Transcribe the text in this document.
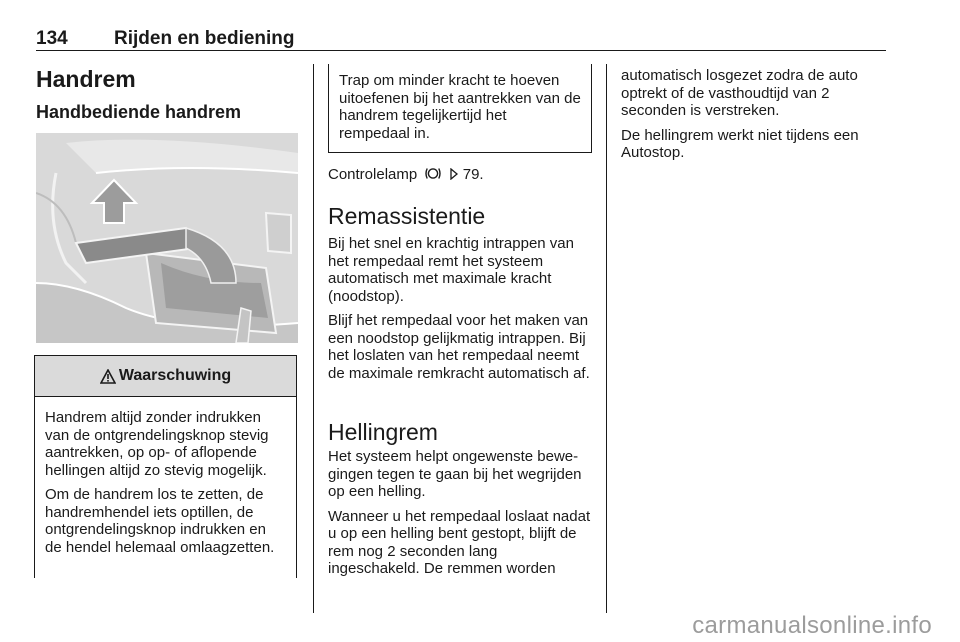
134 Rijden en bediening
Handrem
Handbediende handrem
Waarschuwing

Handrem altijd zonder indrukken van de ontgrendelingsknop stevig aantrekken, op op- of aflopende hellingen altijd zo stevig mogelijk.

Om de handrem los te zetten, de handremhendel iets optillen, de ontgrendelingsknop indrukken en de hendel helemaal omlaagzetten.

Trap om minder kracht te hoeven uitoefenen bij het aantrekken van de handrem tegelijkertijd het rempedaal in.
Controlelamp	79.
Remassistentie

Bij het snel en krachtig intrappen van het rempedaal remt het systeem automatisch met maximale kracht (noodstop).

Blijf het rempedaal voor het maken van een noodstop gelijkmatig intrappen. Bij het loslaten van het rempedaal neemt de maximale remkracht automatisch af.

Hellingrem

Het systeem helpt ongewenste bewegingen tegen te gaan bij het wegrijden op een helling.

Wanneer u het rempedaal loslaat nadat u op een helling bent gestopt, blijft de rem nog 2 seconden lang ingeschakeld. De remmen worden

automatisch losgezet zodra de auto optrekt of de vasthoudtijd van 2 seconden is verstreken.

De hellingrem werkt niet tijdens een Autostop.

carmanualsonline.info
